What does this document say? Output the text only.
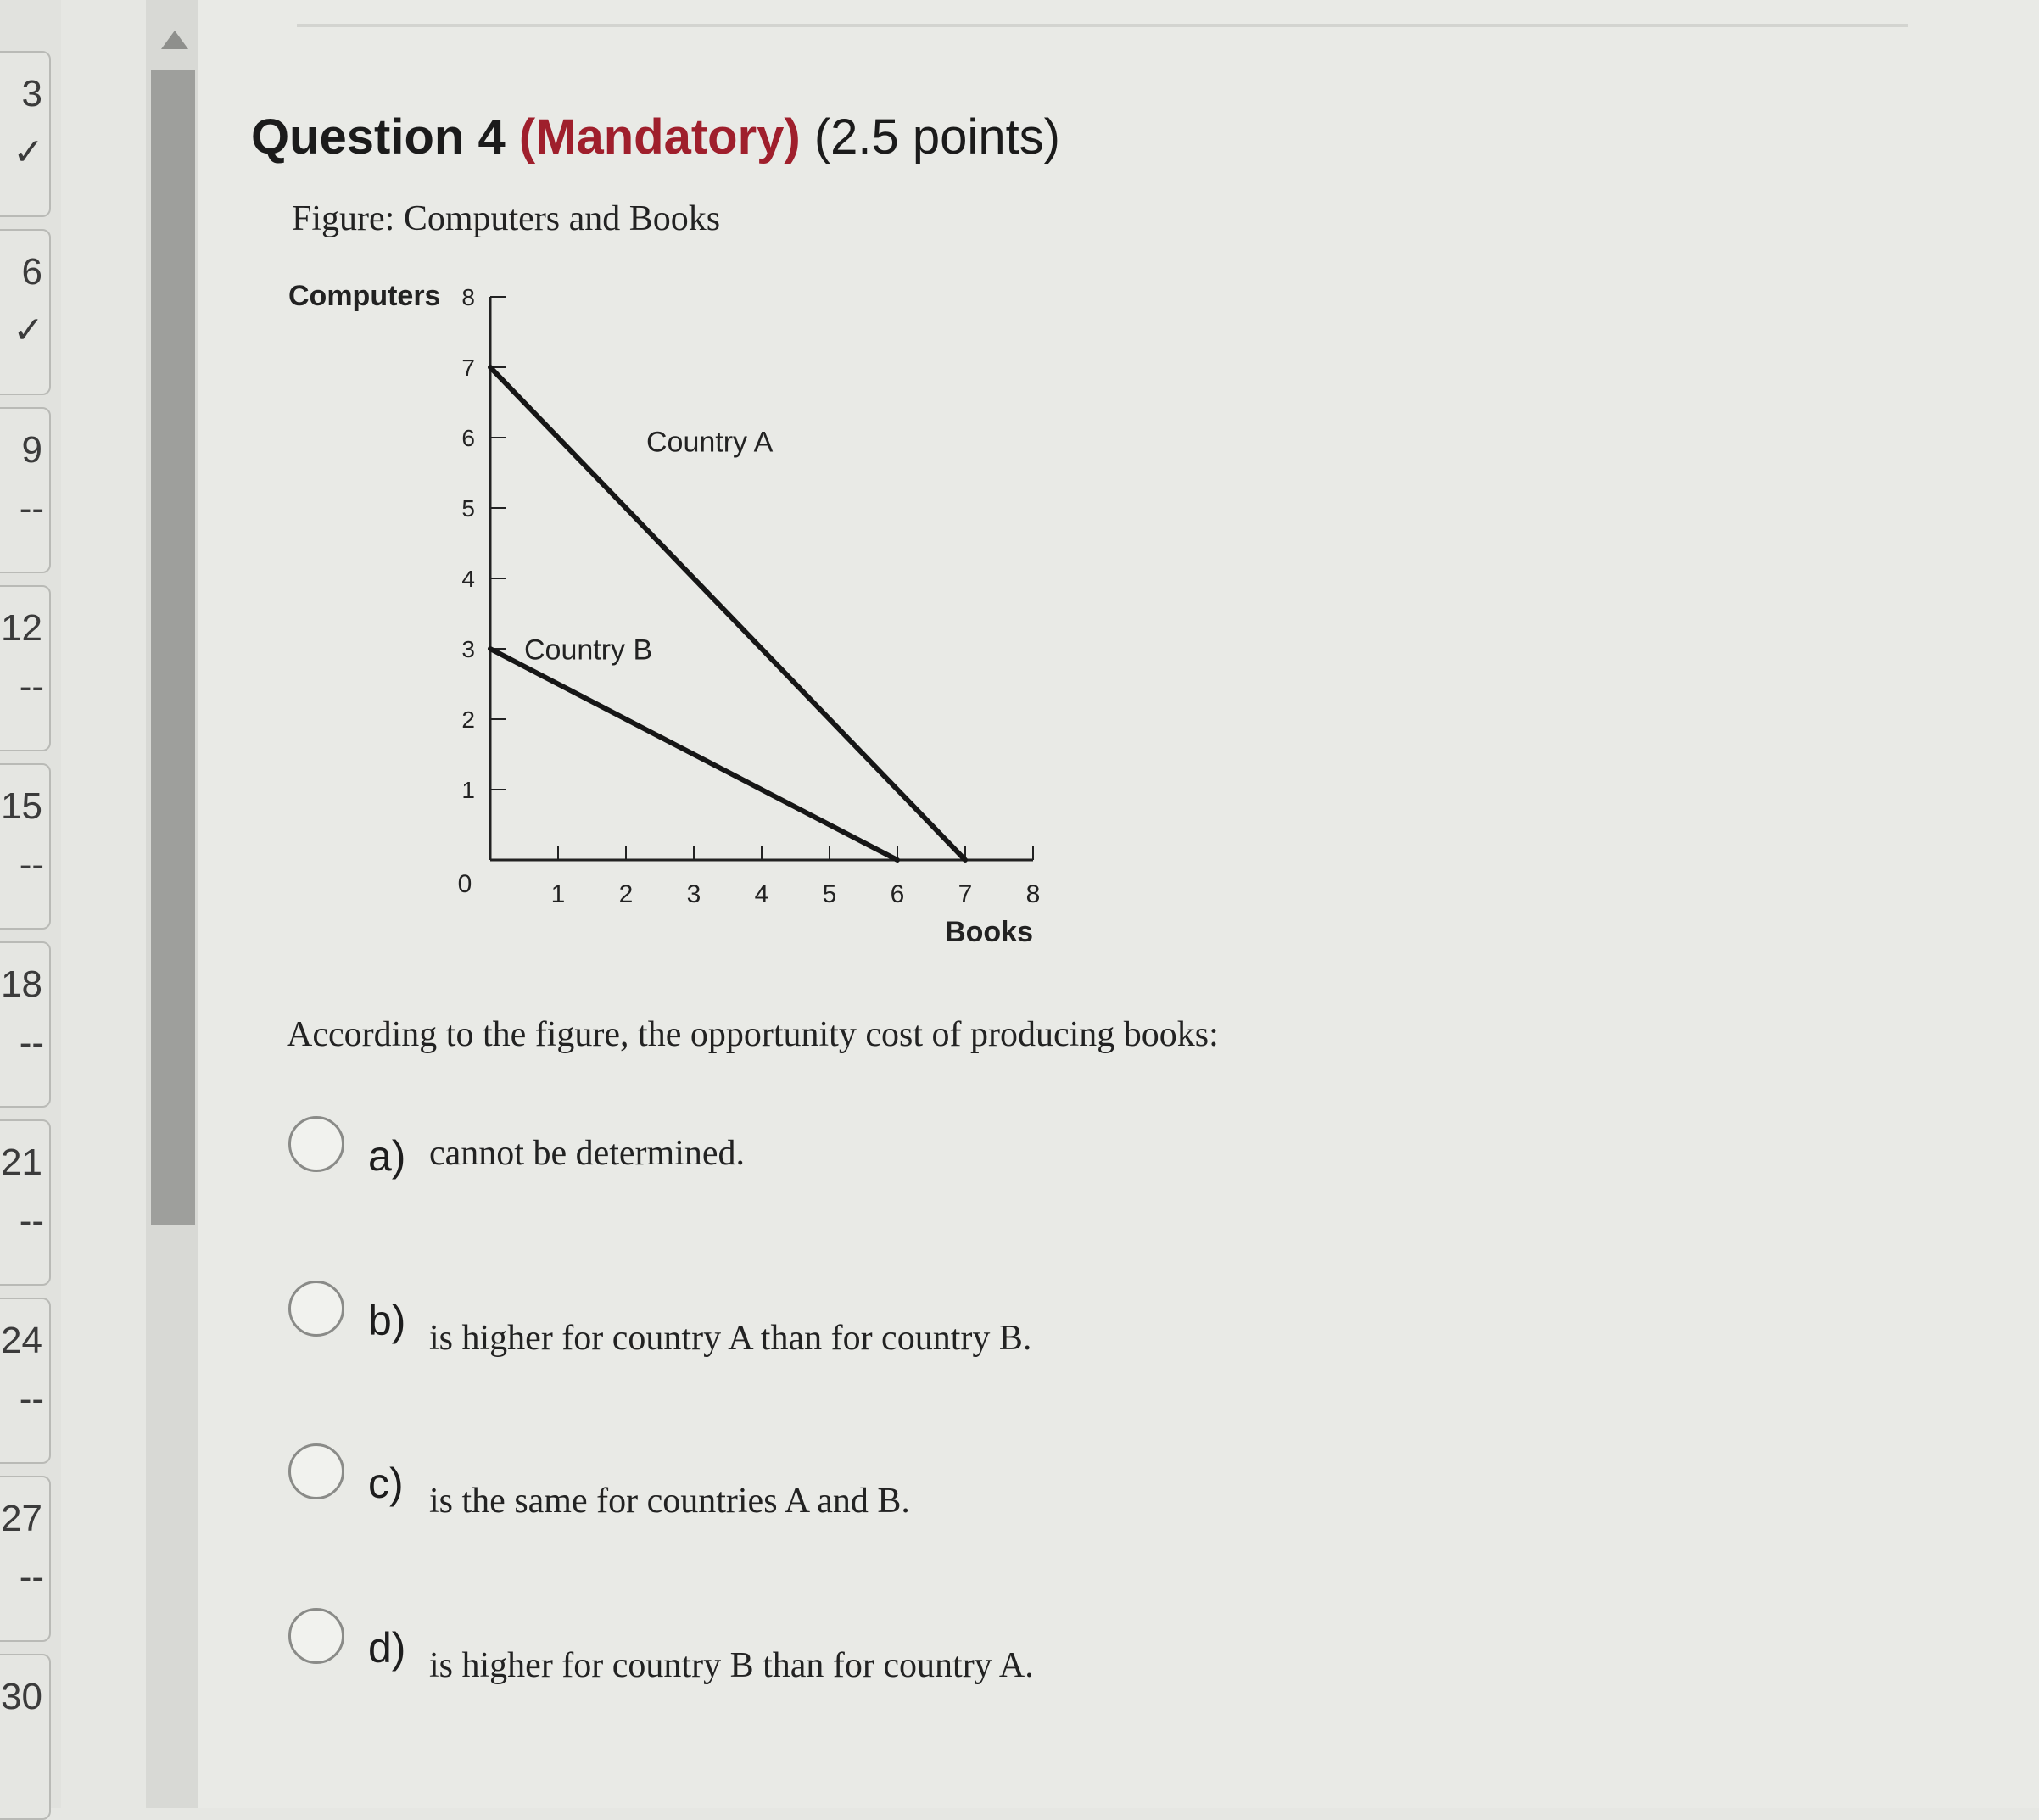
3
✓
6
✓
9
--
12
--
15
--
18
--
21
--
24
--
27
--
30
Question 4 (Mandatory) (2.5 points)
Figure: Computers and Books
1
2
3
4
5
6
7
8
0	1 2 3 4 5 6 7 8
Computers
Books
Country A
Country B
According to the figure, the opportunity cost of producing books:
a) cannot be determined.
b) is higher for country A than for country B.
c) is the same for countries A and B.
d) is higher for country B than for country A.
